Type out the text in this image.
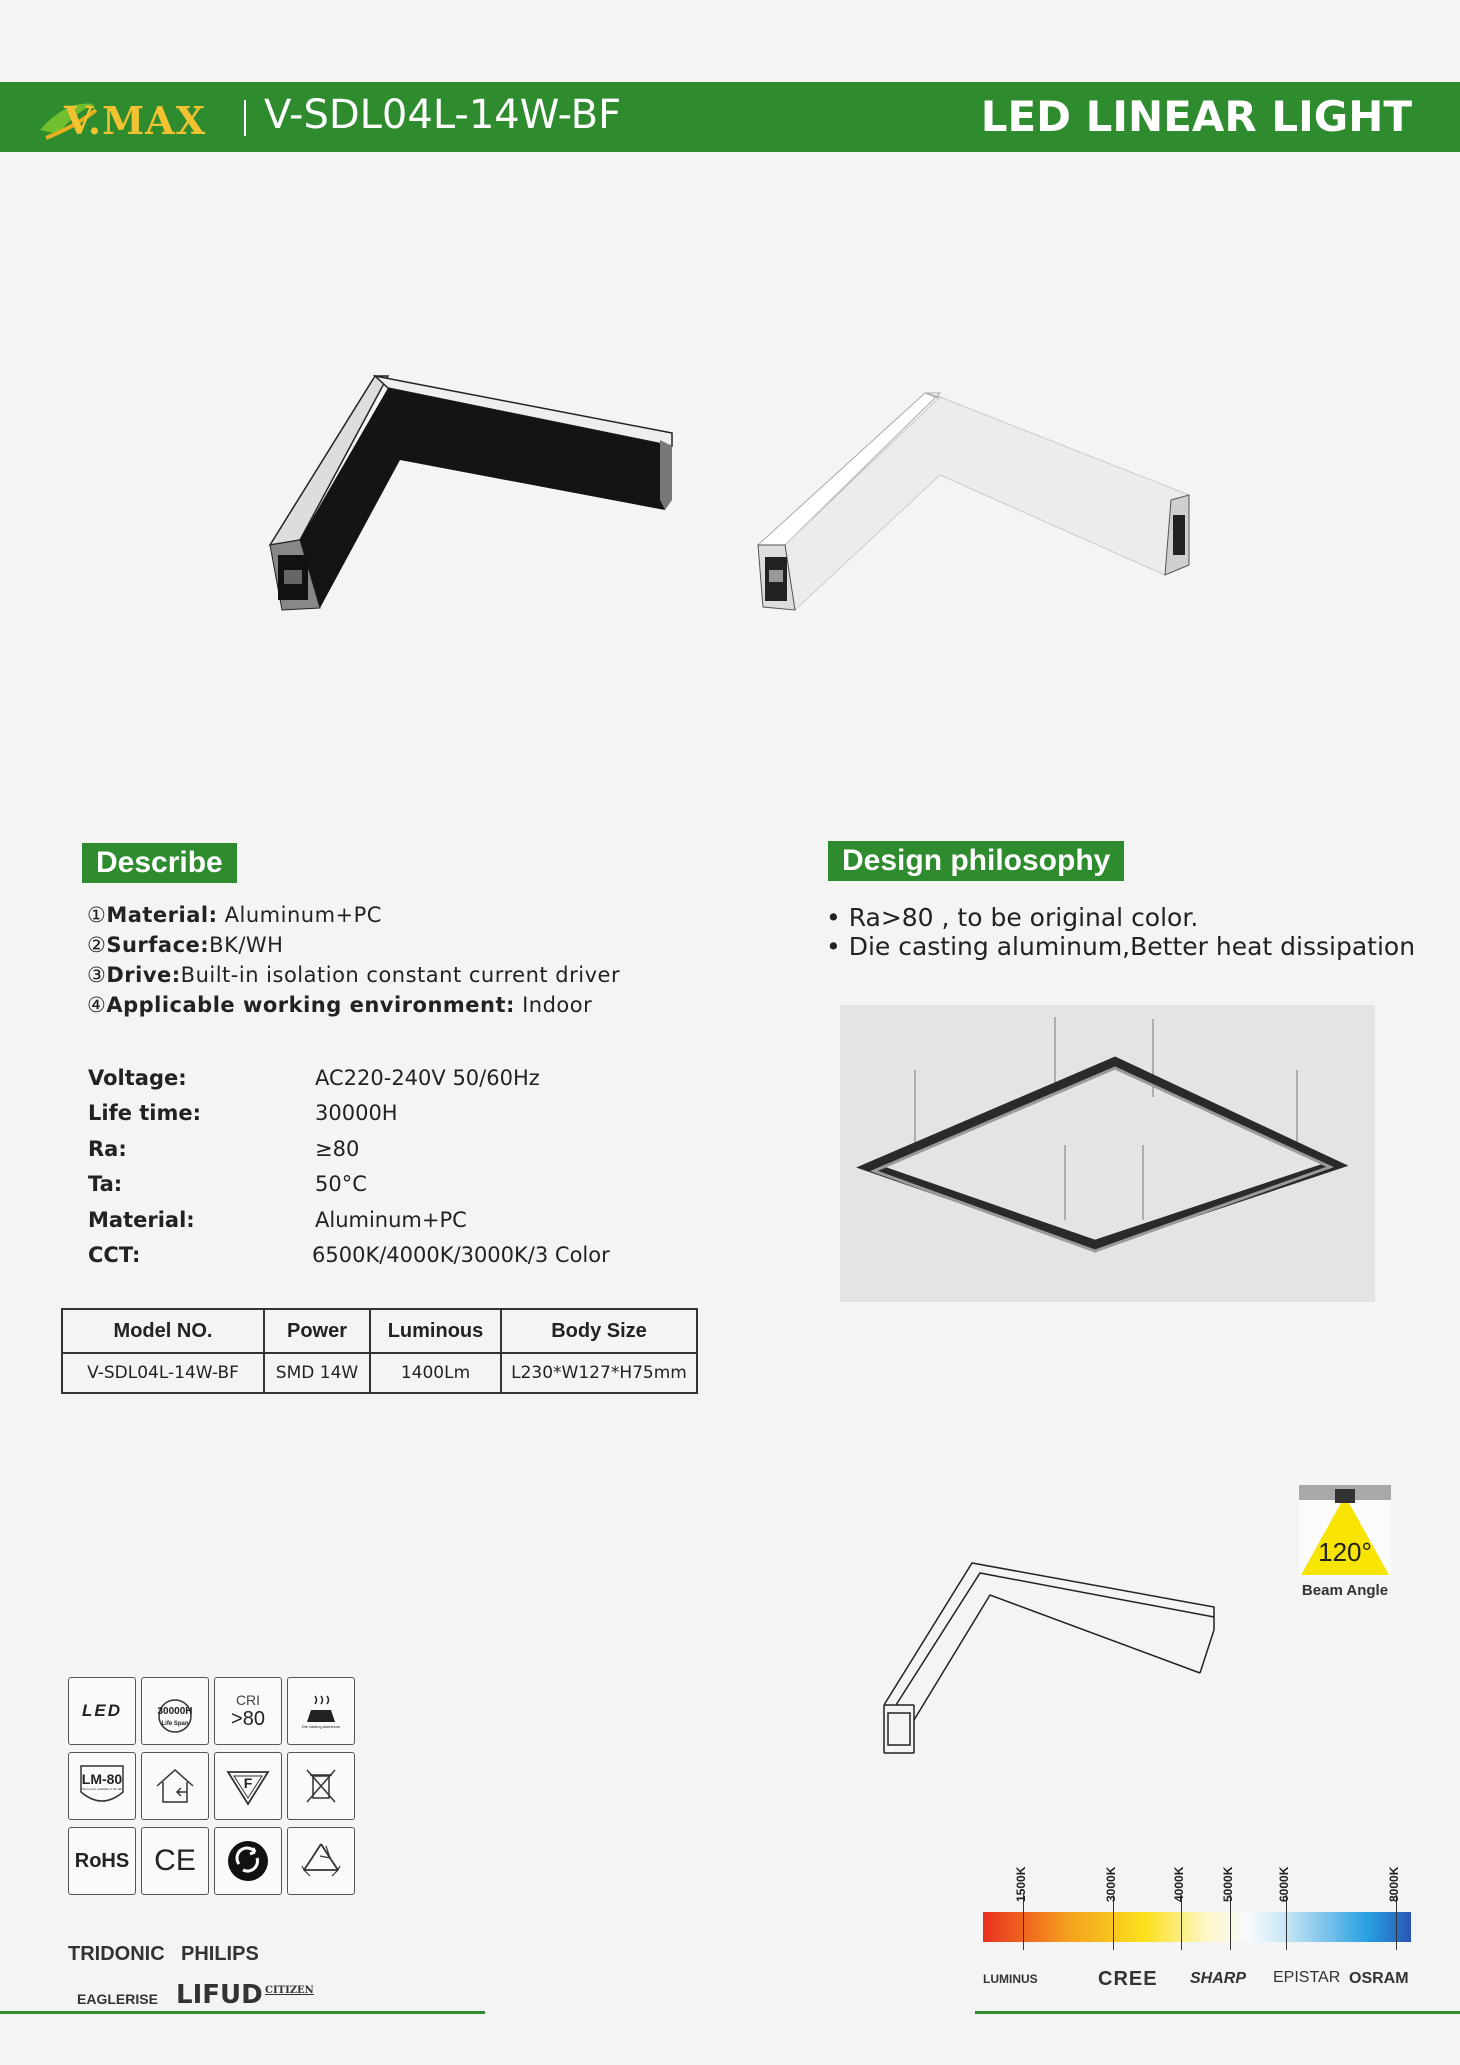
V.MAX V-SDL04L-14W-BF	LED LINEAR LIGHT
Describe
①Material: Aluminum+PC
②Surface:BK/WH
③Drive:Built-in isolation constant current driver
④Applicable working environment: Indoor
Voltage:	AC220-240V 50/60Hz
Life time:	30000H
Ra:	≥80
Ta:	50°C
Material:	Aluminum+PC
CCT:	6500K/4000K/3000K/3 Color
Model NO.	Power	Luminous	Body Size
V-SDL04L-14W-BF	SMD 14W	1400Lm	L230*W127*H75mm
Design philosophy
• Ra>80 , to be original color.
• Die casting aluminum,Better heat dissipation
120°
Beam Angle
LED	30000H
Life Span
CRI
>80	Die casting aluminum
LM-80
Test report available in the lab	F
RoHS CE
TRIDONIC PHILIPS
EAGLERISE LIFUD CITIZEN
1500K	3000K	4000K	5000K	6000K	8000K
LUMINUS	CREE SHARP EPISTAR OSRAM
